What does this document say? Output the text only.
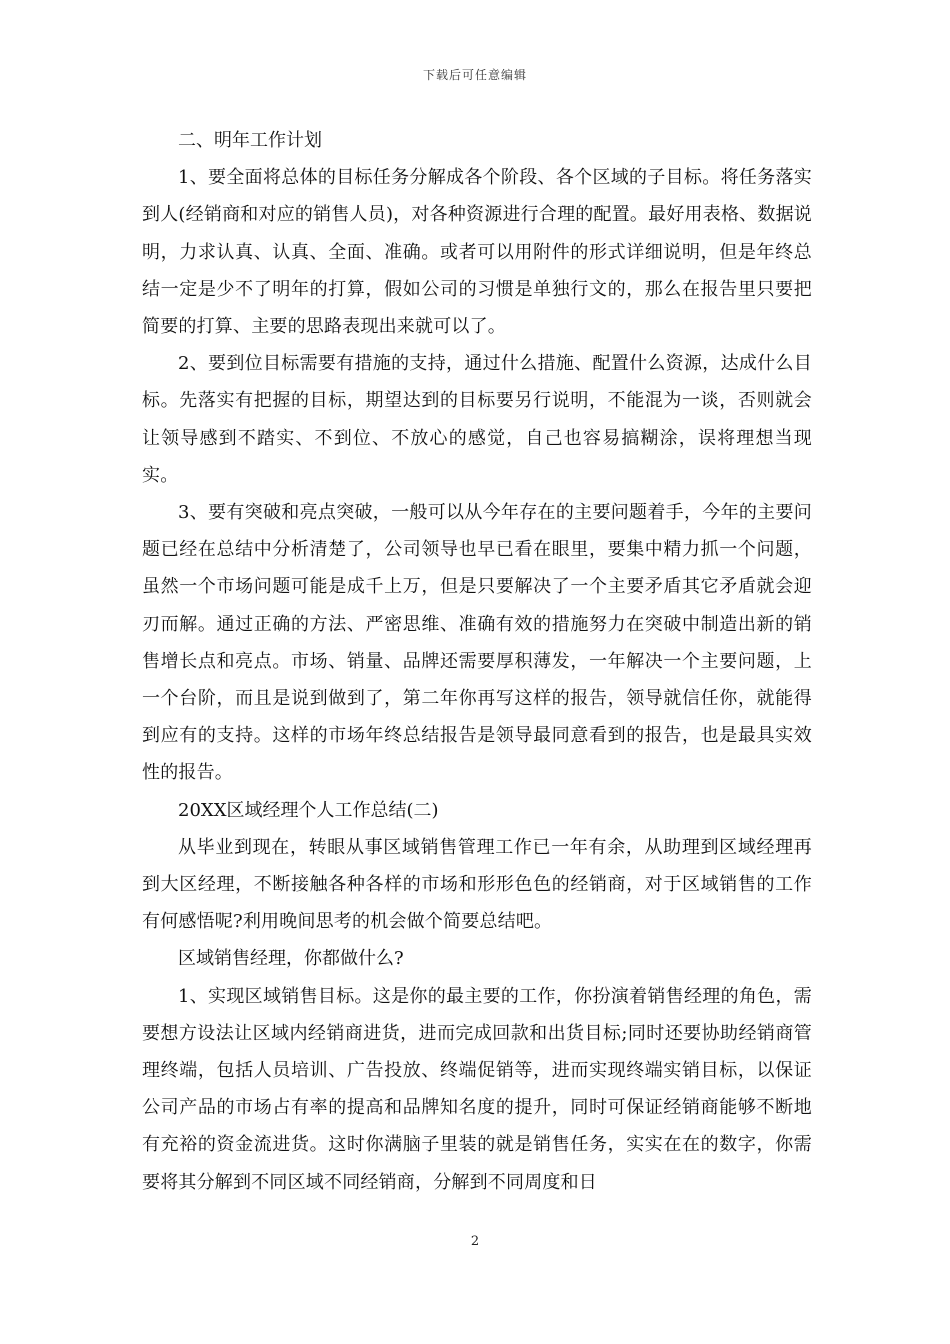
下载后可任意编辑

二、明年工作计划

1、要全面将总体的目标任务分解成各个阶段、各个区域的子目标。将任务落实到人(经销商和对应的销售人员)，对各种资源进行合理的配置。最好用表格、数据说明，力求认真、认真、全面、准确。或者可以用附件的形式详细说明，但是年终总结一定是少不了明年的打算，假如公司的习惯是单独行文的，那么在报告里只要把简要的打算、主要的思路表现出来就可以了。

2、要到位目标需要有措施的支持，通过什么措施、配置什么资源，达成什么目标。先落实有把握的目标，期望达到的目标要另行说明，不能混为一谈，否则就会让领导感到不踏实、不到位、不放心的感觉，自己也容易搞糊涂，误将理想当现实。

3、要有突破和亮点突破，一般可以从今年存在的主要问题着手，今年的主要问题已经在总结中分析清楚了，公司领导也早已看在眼里，要集中精力抓一个问题，虽然一个市场问题可能是成千上万，但是只要解决了一个主要矛盾其它矛盾就会迎刃而解。通过正确的方法、严密思维、准确有效的措施努力在突破中制造出新的销售增长点和亮点。市场、销量、品牌还需要厚积薄发，一年解决一个主要问题，上一个台阶，而且是说到做到了，第二年你再写这样的报告，领导就信任你，就能得到应有的支持。这样的市场年终总结报告是领导最同意看到的报告，也是最具实效性的报告。

20XX区域经理个人工作总结(二)

从毕业到现在，转眼从事区域销售管理工作已一年有余，从助理到区域经理再到大区经理，不断接触各种各样的市场和形形色色的经销商，对于区域销售的工作有何感悟呢?利用晚间思考的机会做个简要总结吧。

区域销售经理，你都做什么?

1、实现区域销售目标。这是你的最主要的工作，你扮演着销售经理的角色，需要想方设法让区域内经销商进货，进而完成回款和出货目标;同时还要协助经销商管理终端，包括人员培训、广告投放、终端促销等，进而实现终端实销目标，以保证公司产品的市场占有率的提高和品牌知名度的提升，同时可保证经销商能够不断地有充裕的资金流进货。这时你满脑子里装的就是销售任务，实实在在的数字，你需要将其分解到不同区域不同经销商，分解到不同周度和日

2
